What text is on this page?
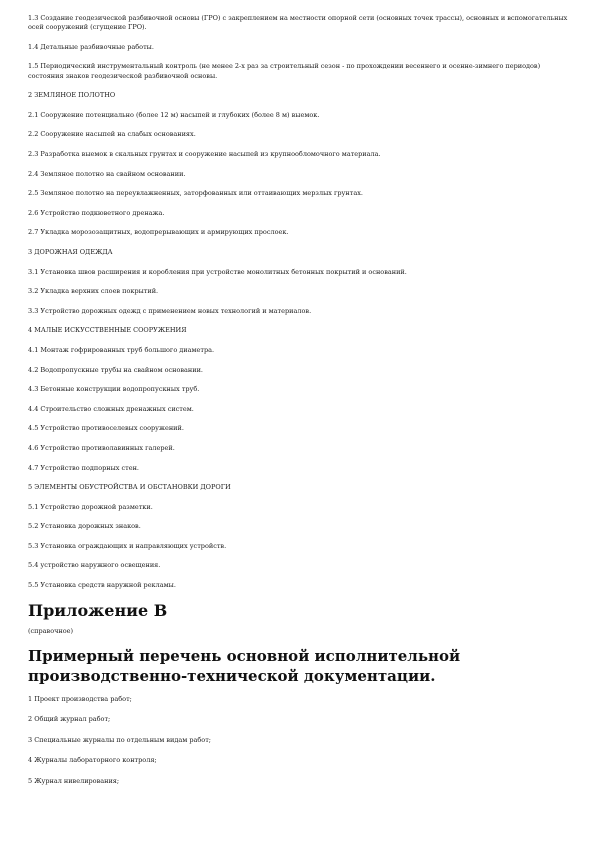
1.3 Создание геодезической разбивочной основы (ГРО) с закреплением на местности опорной сети (основных точек трассы), основных и вспомогательных осей сооружений (сгущение ГРО).

1.4 Детальные разбивочные работы.

1.5 Периодический инструментальный контроль (не менее 2-х раз за строительный сезон - по прохождении весеннего и осенне-зимнего периодов) состояния знаков геодезической разбивочной основы.

2 ЗЕМЛЯНОЕ ПОЛОТНО

2.1 Сооружение потенциально (более 12 м) насыпей и глубоких (более 8 м) выемок.

2.2 Сооружение насыпей на слабых основаниях.

2.3 Разработка выемок в скальных грунтах и сооружение насыпей из крупнообломочного материала.

2.4 Земляное полотно на свайном основании.

2.5 Земляное полотно на переувлажненных, заторфованных или оттаивающих мерзлых грунтах.

2.6 Устройство подкюветного дренажа.

2.7 Укладка морозозащитных, водопрерывающих и армирующих прослоек.

3 ДОРОЖНАЯ ОДЕЖДА

3.1 Установка швов расширения и коробления при устройстве монолитных бетонных покрытий и оснований.

3.2 Укладка верхних слоев покрытий.

3.3 Устройство дорожных одежд с применением новых технологий и материалов.

4 МАЛЫЕ ИСКУССТВЕННЫЕ СООРУЖЕНИЯ

4.1 Монтаж гофрированных труб большого диаметра.

4.2 Водопропускные трубы на свайном основании.

4.3 Бетонные конструкции водопропускных труб.

4.4 Строительство сложных дренажных систем.

4.5 Устройство противоселевых сооружений.

4.6 Устройство противолавинных галерей.

4.7 Устройство подпорных стен.

5 ЭЛЕМЕНТЫ ОБУСТРОЙСТВА И ОБСТАНОВКИ ДОРОГИ

5.1 Устройство дорожной разметки.

5.2 Установка дорожных знаков.

5.3 Установка ограждающих и направляющих устройств.

5.4 устройство наружного освещения.

5.5 Установка средств наружной рекламы.

Приложение В

(справочное)

Примерный перечень основной исполнительной
производственно-технической документации.

1 Проект производства работ;

2 Общий журнал работ;

3 Специальные журналы по отдельным видам работ;

4 Журналы лабораторного контроля;

5 Журнал нивелирования;
